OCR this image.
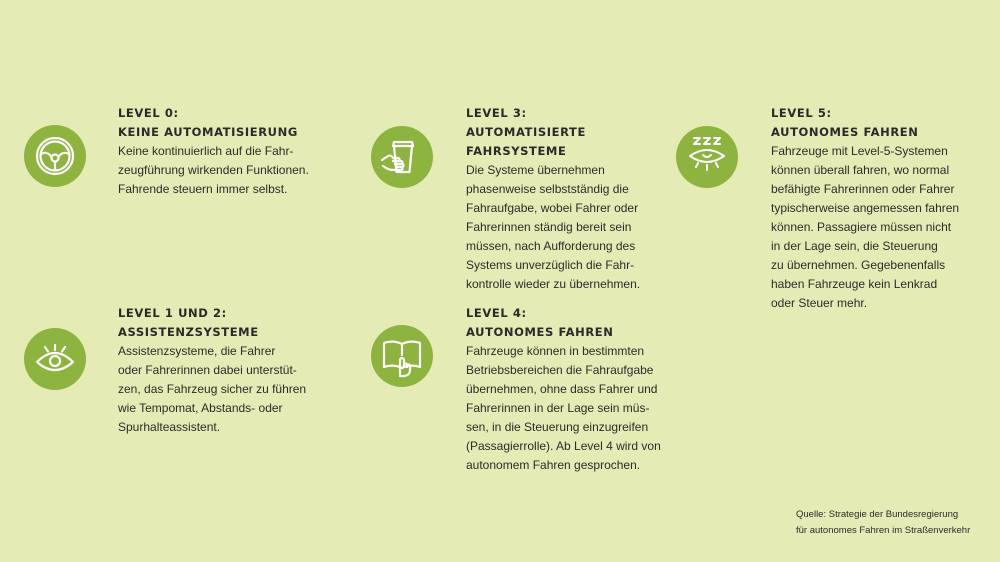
LEVEL 0:
KEINE AUTOMATISIERUNG

Keine kontinuierlich auf die Fahr-
zeugführung wirkenden Funktionen.
Fahrende steuern immer selbst.

LEVEL 1 UND 2:
ASSISTENZSYSTEME

Assistenzsysteme, die Fahrer
oder Fahrerinnen dabei unterstüt-
zen, das Fahrzeug sicher zu führen
wie Tempomat, Abstands- oder
Spurhalteassistent.

LEVEL 3:
AUTOMATISIERTE
FAHRSYSTEME

Die Systeme übernehmen
phasenweise selbstständig die
Fahraufgabe, wobei Fahrer oder
Fahrerinnen ständig bereit sein
müssen, nach Aufforderung des
Systems unverzüglich die Fahr-
kontrolle wieder zu übernehmen.

LEVEL 4:
AUTONOMES FAHREN

Fahrzeuge können in bestimmten
Betriebsbereichen die Fahraufgabe
übernehmen, ohne dass Fahrer und
Fahrerinnen in der Lage sein müs-
sen, in die Steuerung einzugreifen
(Passagierrolle). Ab Level 4 wird von
autonomem Fahren gesprochen.

LEVEL 5:
AUTONOMES FAHREN

Fahrzeuge mit Level-5-Systemen
können überall fahren, wo normal
befähigte Fahrerinnen oder Fahrer
typischerweise angemessen fahren
können. Passagiere müssen nicht
in der Lage sein, die Steuerung
zu übernehmen. Gegebenenfalls
haben Fahrzeuge kein Lenkrad
oder Steuer mehr.

Quelle: Strategie der Bundesregierung
für autonomes Fahren im Straßenverkehr
